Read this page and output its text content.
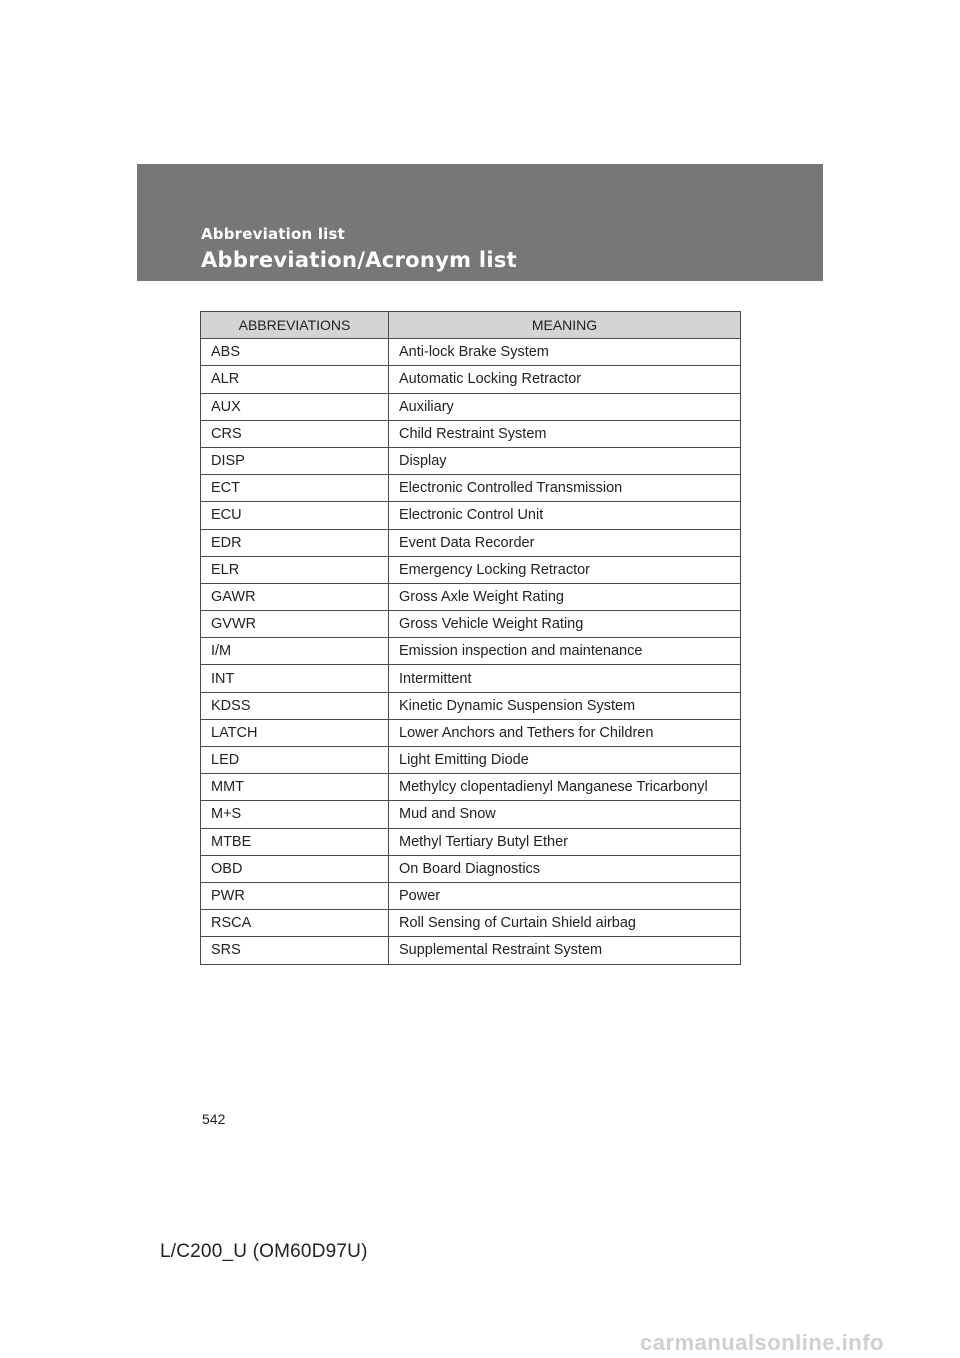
Abbreviation list
Abbreviation/Acronym list
ABBREVIATIONS	MEANING
ABS	Anti-lock Brake System
ALR	Automatic Locking Retractor
AUX	Auxiliary
CRS	Child Restraint System
DISP	Display
ECT	Electronic Controlled Transmission
ECU	Electronic Control Unit
EDR	Event Data Recorder
ELR	Emergency Locking Retractor
GAWR	Gross Axle Weight Rating
GVWR	Gross Vehicle Weight Rating
I/M	Emission inspection and maintenance
INT	Intermittent
KDSS	Kinetic Dynamic Suspension System
LATCH	Lower Anchors and Tethers for Children
LED	Light Emitting Diode
MMT	Methylcy clopentadienyl Manganese Tricarbonyl
M+S	Mud and Snow
MTBE	Methyl Tertiary Butyl Ether
OBD	On Board Diagnostics
PWR	Power
RSCA	Roll Sensing of Curtain Shield airbag
SRS	Supplemental Restraint System
542
L/C200_U (OM60D97U)
carmanualsonline.info
